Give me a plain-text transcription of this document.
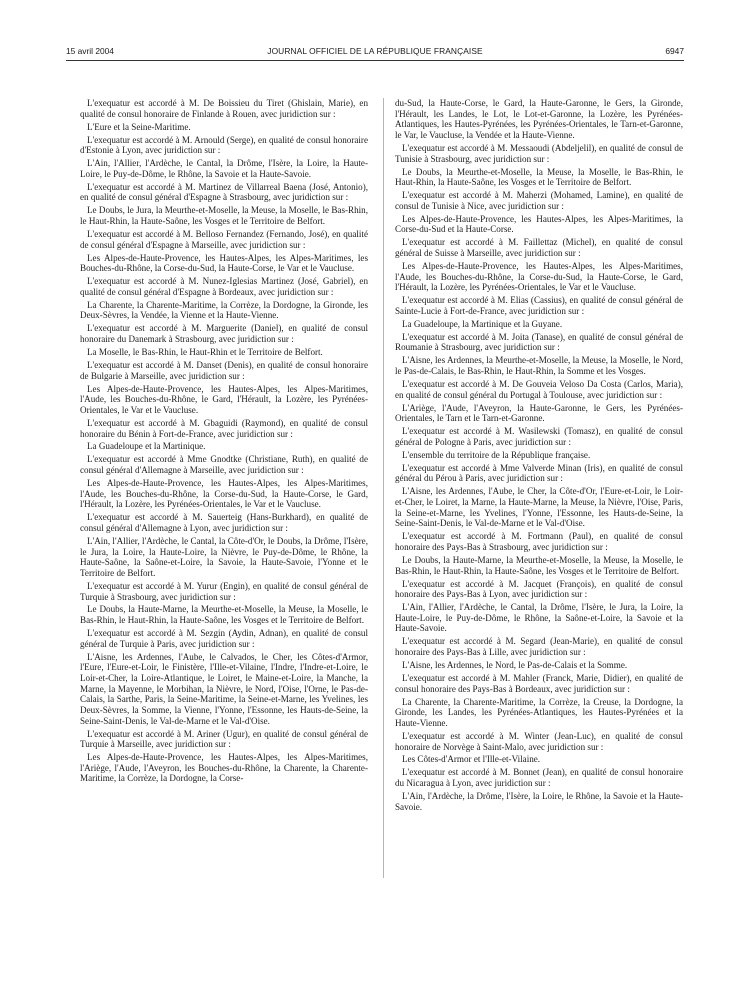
15 avril 2004	JOURNAL OFFICIEL DE LA RÉPUBLIQUE FRANÇAISE	6947

L'exequatur est accordé à M. De Boissieu du Tiret (Ghislain, Marie), en qualité de consul honoraire de Finlande à Rouen, avec juridiction sur :

L'Eure et la Seine-Maritime.

L'exequatur est accordé à M. Arnould (Serge), en qualité de consul honoraire d'Estonie à Lyon, avec juridiction sur :

L'Ain, l'Allier, l'Ardèche, le Cantal, la Drôme, l'Isère, la Loire, la Haute-Loire, le Puy-de-Dôme, le Rhône, la Savoie et la Haute-Savoie.

L'exequatur est accordé à M. Martinez de Villarreal Baena (José, Antonio), en qualité de consul général d'Espagne à Strasbourg, avec juridiction sur :

Le Doubs, le Jura, la Meurthe-et-Moselle, la Meuse, la Moselle, le Bas-Rhin, le Haut-Rhin, la Haute-Saône, les Vosges et le Territoire de Belfort.

L'exequatur est accordé à M. Belloso Fernandez (Fernando, José), en qualité de consul général d'Espagne à Marseille, avec juridiction sur :

Les Alpes-de-Haute-Provence, les Hautes-Alpes, les Alpes-Maritimes, les Bouches-du-Rhône, la Corse-du-Sud, la Haute-Corse, le Var et le Vaucluse.

L'exequatur est accordé à M. Nunez-Iglesias Martinez (José, Gabriel), en qualité de consul général d'Espagne à Bordeaux, avec juridiction sur :

La Charente, la Charente-Maritime, la Corrèze, la Dordogne, la Gironde, les Deux-Sèvres, la Vendée, la Vienne et la Haute-Vienne.

L'exequatur est accordé à M. Marguerite (Daniel), en qualité de consul honoraire du Danemark à Strasbourg, avec juridiction sur :

La Moselle, le Bas-Rhin, le Haut-Rhin et le Territoire de Belfort.

L'exequatur est accordé à M. Danset (Denis), en qualité de consul honoraire de Bulgarie à Marseille, avec juridiction sur :

Les Alpes-de-Haute-Provence, les Hautes-Alpes, les Alpes-Maritimes, l'Aude, les Bouches-du-Rhône, le Gard, l'Hérault, la Lozère, les Pyrénées-Orientales, le Var et le Vaucluse.

L'exequatur est accordé à M. Gbaguidi (Raymond), en qualité de consul honoraire du Bénin à Fort-de-France, avec juridiction sur :

La Guadeloupe et la Martinique.

L'exequatur est accordé à Mme Gnodtke (Christiane, Ruth), en qualité de consul général d'Allemagne à Marseille, avec juridiction sur :

Les Alpes-de-Haute-Provence, les Hautes-Alpes, les Alpes-Maritimes, l'Aude, les Bouches-du-Rhône, la Corse-du-Sud, la Haute-Corse, le Gard, l'Hérault, la Lozère, les Pyrénées-Orientales, le Var et le Vaucluse.

L'exequatur est accordé à M. Sauerteig (Hans-Burkhard), en qualité de consul général d'Allemagne à Lyon, avec juridiction sur :

L'Ain, l'Allier, l'Ardèche, le Cantal, la Côte-d'Or, le Doubs, la Drôme, l'Isère, le Jura, la Loire, la Haute-Loire, la Nièvre, le Puy-de-Dôme, le Rhône, la Haute-Saône, la Saône-et-Loire, la Savoie, la Haute-Savoie, l'Yonne et le Territoire de Belfort.

L'exequatur est accordé à M. Yurur (Engin), en qualité de consul général de Turquie à Strasbourg, avec juridiction sur :

Le Doubs, la Haute-Marne, la Meurthe-et-Moselle, la Meuse, la Moselle, le Bas-Rhin, le Haut-Rhin, la Haute-Saône, les Vosges et le Territoire de Belfort.

L'exequatur est accordé à M. Sezgin (Aydin, Adnan), en qualité de consul général de Turquie à Paris, avec juridiction sur :

L'Aisne, les Ardennes, l'Aube, le Calvados, le Cher, les Côtes-d'Armor, l'Eure, l'Eure-et-Loir, le Finistère, l'Ille-et-Vilaine, l'Indre, l'Indre-et-Loire, le Loir-et-Cher, la Loire-Atlantique, le Loiret, le Maine-et-Loire, la Manche, la Marne, la Mayenne, le Morbihan, la Nièvre, le Nord, l'Oise, l'Orne, le Pas-de-Calais, la Sarthe, Paris, la Seine-Maritime, la Seine-et-Marne, les Yvelines, les Deux-Sèvres, la Somme, la Vienne, l'Yonne, l'Essonne, les Hauts-de-Seine, la Seine-Saint-Denis, le Val-de-Marne et le Val-d'Oise.

L'exequatur est accordé à M. Ariner (Ugur), en qualité de consul général de Turquie à Marseille, avec juridiction sur :

Les Alpes-de-Haute-Provence, les Hautes-Alpes, les Alpes-Maritimes, l'Ariège, l'Aude, l'Aveyron, les Bouches-du-Rhône, la Charente, la Charente-Maritime, la Corrèze, la Dordogne, la Corse-

du-Sud, la Haute-Corse, le Gard, la Haute-Garonne, le Gers, la Gironde, l'Hérault, les Landes, le Lot, le Lot-et-Garonne, la Lozère, les Pyrénées-Atlantiques, les Hautes-Pyrénées, les Pyrénées-Orientales, le Tarn-et-Garonne, le Var, le Vaucluse, la Vendée et la Haute-Vienne.

L'exequatur est accordé à M. Messaoudi (Abdeljelil), en qualité de consul de Tunisie à Strasbourg, avec juridiction sur :

Le Doubs, la Meurthe-et-Moselle, la Meuse, la Moselle, le Bas-Rhin, le Haut-Rhin, la Haute-Saône, les Vosges et le Territoire de Belfort.

L'exequatur est accordé à M. Maherzi (Mohamed, Lamine), en qualité de consul de Tunisie à Nice, avec juridiction sur :

Les Alpes-de-Haute-Provence, les Hautes-Alpes, les Alpes-Maritimes, la Corse-du-Sud et la Haute-Corse.

L'exequatur est accordé à M. Faillettaz (Michel), en qualité de consul général de Suisse à Marseille, avec juridiction sur :

Les Alpes-de-Haute-Provence, les Hautes-Alpes, les Alpes-Maritimes, l'Aude, les Bouches-du-Rhône, la Corse-du-Sud, la Haute-Corse, le Gard, l'Hérault, la Lozère, les Pyrénées-Orientales, le Var et le Vaucluse.

L'exequatur est accordé à M. Elias (Cassius), en qualité de consul général de Sainte-Lucie à Fort-de-France, avec juridiction sur :

La Guadeloupe, la Martinique et la Guyane.

L'exequatur est accordé à M. Joita (Tanase), en qualité de consul général de Roumanie à Strasbourg, avec juridiction sur :

L'Aisne, les Ardennes, la Meurthe-et-Moselle, la Meuse, la Moselle, le Nord, le Pas-de-Calais, le Bas-Rhin, le Haut-Rhin, la Somme et les Vosges.

L'exequatur est accordé à M. De Gouveia Veloso Da Costa (Carlos, Maria), en qualité de consul général du Portugal à Toulouse, avec juridiction sur :

L'Ariège, l'Aude, l'Aveyron, la Haute-Garonne, le Gers, les Pyrénées-Orientales, le Tarn et le Tarn-et-Garonne.

L'exequatur est accordé à M. Wasilewski (Tomasz), en qualité de consul général de Pologne à Paris, avec juridiction sur :

L'ensemble du territoire de la République française.

L'exequatur est accordé à Mme Valverde Minan (Iris), en qualité de consul général du Pérou à Paris, avec juridiction sur :

L'Aisne, les Ardennes, l'Aube, le Cher, la Côte-d'Or, l'Eure-et-Loir, le Loir-et-Cher, le Loiret, la Marne, la Haute-Marne, la Meuse, la Nièvre, l'Oise, Paris, la Seine-et-Marne, les Yvelines, l'Yonne, l'Essonne, les Hauts-de-Seine, la Seine-Saint-Denis, le Val-de-Marne et le Val-d'Oise.

L'exequatur est accordé à M. Fortmann (Paul), en qualité de consul honoraire des Pays-Bas à Strasbourg, avec juridiction sur :

Le Doubs, la Haute-Marne, la Meurthe-et-Moselle, la Meuse, la Moselle, le Bas-Rhin, le Haut-Rhin, la Haute-Saône, les Vosges et le Territoire de Belfort.

L'exequatur est accordé à M. Jacquet (François), en qualité de consul honoraire des Pays-Bas à Lyon, avec juridiction sur :

L'Ain, l'Allier, l'Ardèche, le Cantal, la Drôme, l'Isère, le Jura, la Loire, la Haute-Loire, le Puy-de-Dôme, le Rhône, la Saône-et-Loire, la Savoie et la Haute-Savoie.

L'exequatur est accordé à M. Segard (Jean-Marie), en qualité de consul honoraire des Pays-Bas à Lille, avec juridiction sur :

L'Aisne, les Ardennes, le Nord, le Pas-de-Calais et la Somme.

L'exequatur est accordé à M. Mahler (Franck, Marie, Didier), en qualité de consul honoraire des Pays-Bas à Bordeaux, avec juridiction sur :

La Charente, la Charente-Maritime, la Corrèze, la Creuse, la Dordogne, la Gironde, les Landes, les Pyrénées-Atlantiques, les Hautes-Pyrénées et la Haute-Vienne.

L'exequatur est accordé à M. Winter (Jean-Luc), en qualité de consul honoraire de Norvège à Saint-Malo, avec juridiction sur :

Les Côtes-d'Armor et l'Ille-et-Vilaine.

L'exequatur est accordé à M. Bonnet (Jean), en qualité de consul honoraire du Nicaragua à Lyon, avec juridiction sur :

L'Ain, l'Ardèche, la Drôme, l'Isère, la Loire, le Rhône, la Savoie et la Haute-Savoie.
